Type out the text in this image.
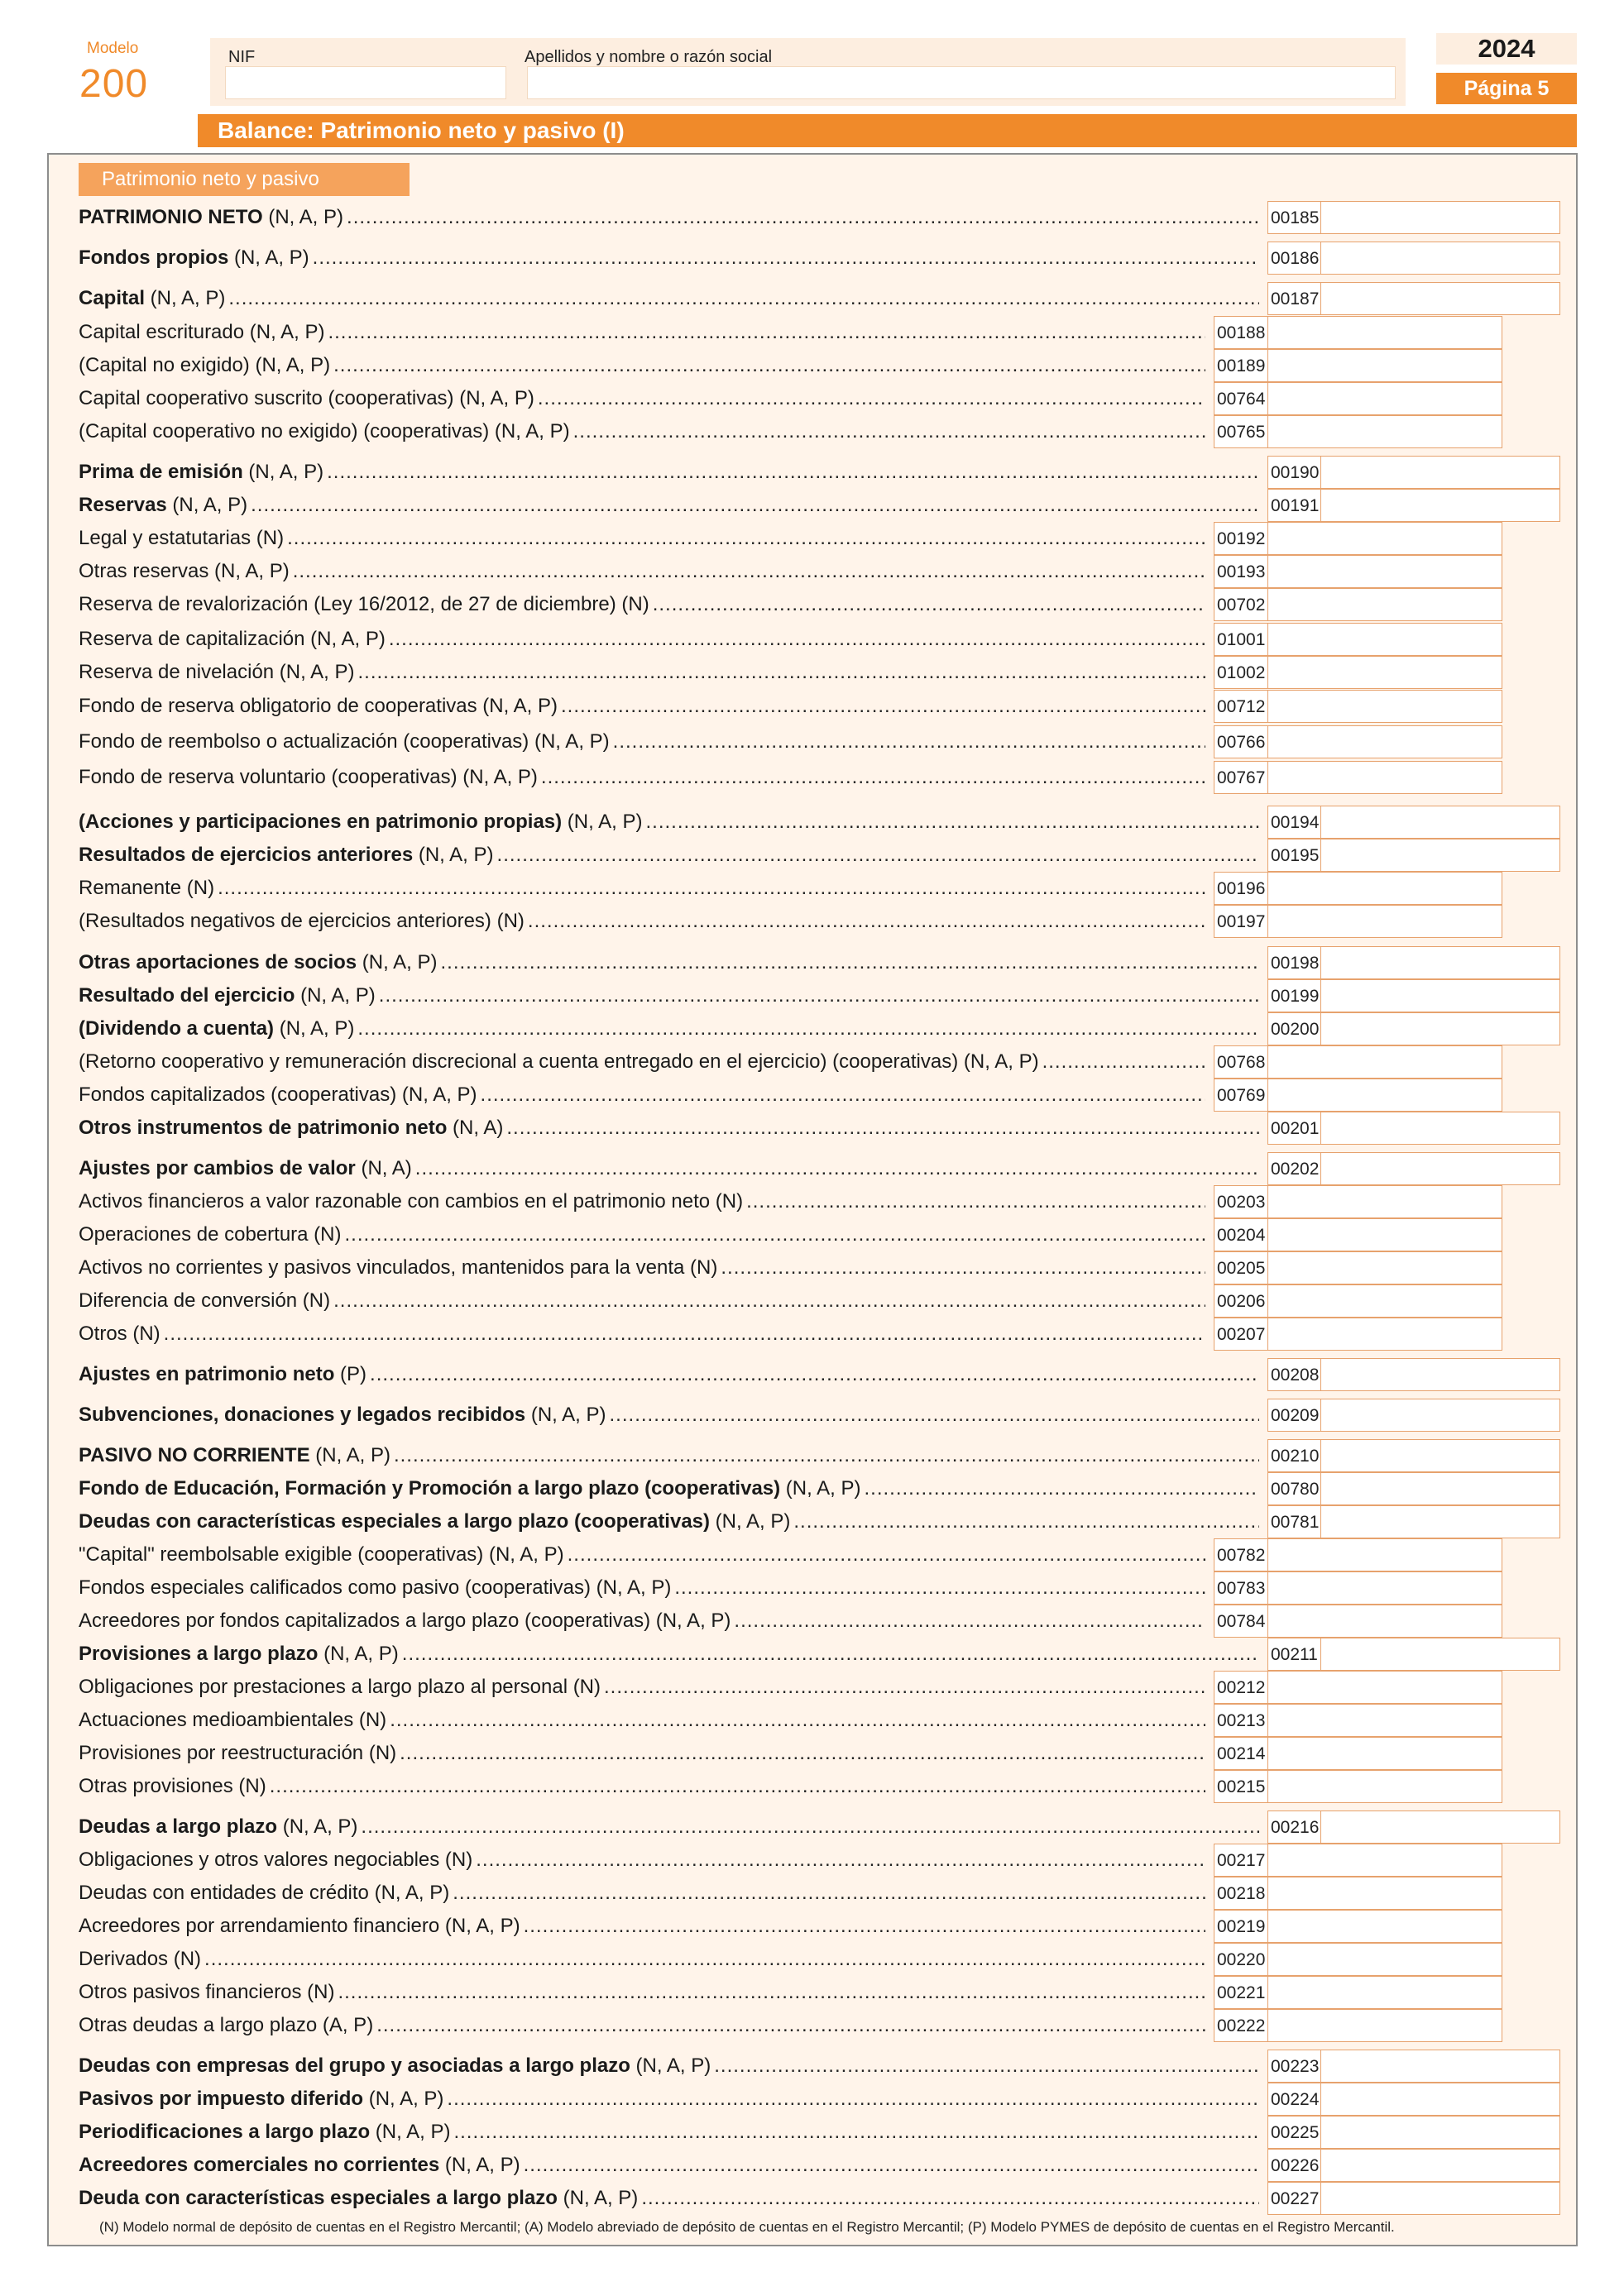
Modelo
200
NIF	Apellidos y nombre o razón social	2024
Página 5
Balance: Patrimonio neto y pasivo (I)
Patrimonio neto y pasivo
PATRIMONIO NETO (N, A, P) .....	00185
Fondos propios (N, A, P) .....	00186
Capital (N, A, P) .....	00187
Capital escriturado (N, A, P) .....	00188
(Capital no exigido) (N, A, P) .....	00189
Capital cooperativo suscrito (cooperativas) (N, A, P) .....	00764
(Capital cooperativo no exigido) (cooperativas) (N, A, P) .....	00765
Prima de emisión (N, A, P) .....	00190
Reservas (N, A, P) .....	00191
Legal y estatutarias (N) .....	00192
Otras reservas (N, A, P) .....	00193
Reserva de revalorización (Ley 16/2012, de 27 de diciembre) (N) .....	00702
Reserva de capitalización (N, A, P) .....	01001
Reserva de nivelación (N, A, P) .....	01002
Fondo de reserva obligatorio de cooperativas (N, A, P) .....	00712
Fondo de reembolso o actualización (cooperativas) (N, A, P) .....	00766
Fondo de reserva voluntario (cooperativas) (N, A, P) .....	00767
(Acciones y participaciones en patrimonio propias) (N, A, P) .....	00194
Resultados de ejercicios anteriores (N, A, P) .....	00195
Remanente (N) .....	00196
(Resultados negativos de ejercicios anteriores) (N) .....	00197
Otras aportaciones de socios (N, A, P) .....	00198
Resultado del ejercicio (N, A, P) .....	00199
(Dividendo a cuenta) (N, A, P) .....	00200
(Retorno cooperativo y remuneración discrecional a cuenta entregado en el ejercicio) (cooperativas) (N, A, P) .....	00768
Fondos capitalizados (cooperativas) (N, A, P) .....	00769
Otros instrumentos de patrimonio neto (N, A) .....	00201
Ajustes por cambios de valor (N, A) .....	00202
Activos financieros a valor razonable con cambios en el patrimonio neto (N) .....	00203
Operaciones de cobertura (N) .....	00204
Activos no corrientes y pasivos vinculados, mantenidos para la venta (N) .....	00205
Diferencia de conversión (N) .....	00206
Otros (N) .....	00207
Ajustes en patrimonio neto (P) .....	00208
Subvenciones, donaciones y legados recibidos (N, A, P) .....	00209
PASIVO NO CORRIENTE (N, A, P) .....	00210
Fondo de Educación, Formación y Promoción a largo plazo (cooperativas) (N, A, P) .....	00780
Deudas con características especiales a largo plazo (cooperativas) (N, A, P) .....	00781
"Capital" reembolsable exigible (cooperativas) (N, A, P) .....	00782
Fondos especiales calificados como pasivo (cooperativas) (N, A, P) .....	00783
Acreedores por fondos capitalizados a largo plazo (cooperativas) (N, A, P) .....	00784
Provisiones a largo plazo (N, A, P) .....	00211
Obligaciones por prestaciones a largo plazo al personal (N) .....	00212
Actuaciones medioambientales (N) .....	00213
Provisiones por reestructuración (N) .....	00214
Otras provisiones (N) .....	00215
Deudas a largo plazo (N, A, P) .....	00216
Obligaciones y otros valores negociables (N) .....	00217
Deudas con entidades de crédito (N, A, P) .....	00218
Acreedores por arrendamiento financiero (N, A, P) .....	00219
Derivados (N) .....	00220
Otros pasivos financieros (N) .....	00221
Otras deudas a largo plazo (A, P) .....	00222
Deudas con empresas del grupo y asociadas a largo plazo (N, A, P) .....	00223
Pasivos por impuesto diferido (N, A, P) .....	00224
Periodificaciones a largo plazo (N, A, P) .....	00225
Acreedores comerciales no corrientes (N, A, P) .....	00226
Deuda con características especiales a largo plazo (N, A, P) .....	00227
(N) Modelo normal de depósito de cuentas en el Registro Mercantil; (A) Modelo abreviado de depósito de cuentas en el Registro Mercantil; (P) Modelo PYMES de depósito de cuentas en el Registro Mercantil.
